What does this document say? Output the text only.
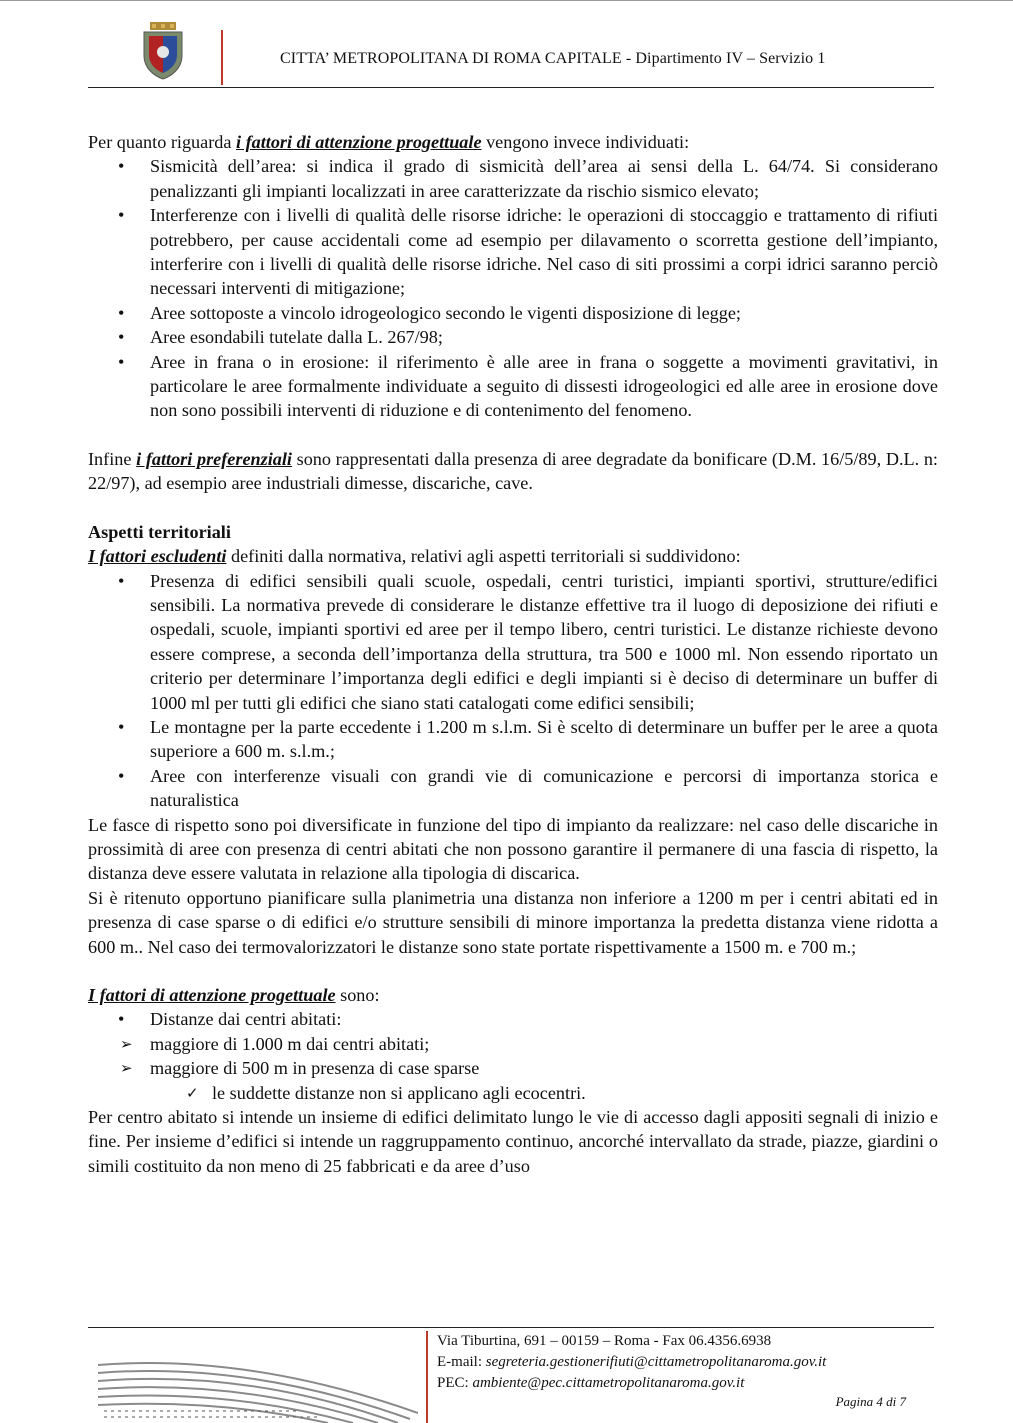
CITTA’ METROPOLITANA DI ROMA CAPITALE - Dipartimento IV – Servizio 1

Per quanto riguarda i fattori di attenzione progettuale vengono invece individuati:

• Sismicità dell’area: si indica il grado di sismicità dell’area ai sensi della L. 64/74. Si considerano penalizzanti gli impianti localizzati in aree caratterizzate da rischio sismico elevato;
• Interferenze con i livelli di qualità delle risorse idriche: le operazioni di stoccaggio e trattamento di rifiuti potrebbero, per cause accidentali come ad esempio per dilavamento o scorretta gestione dell’impianto, interferire con i livelli di qualità delle risorse idriche. Nel caso di siti prossimi a corpi idrici saranno perciò necessari interventi di mitigazione;
• Aree sottoposte a vincolo idrogeologico secondo le vigenti disposizione di legge;
• Aree esondabili tutelate dalla L. 267/98;
• Aree in frana o in erosione: il riferimento è alle aree in frana o soggette a movimenti gravitativi, in particolare le aree formalmente individuate a seguito di dissesti idrogeologici ed alle aree in erosione dove non sono possibili interventi di riduzione e di contenimento del fenomeno.

Infine i fattori preferenziali sono rappresentati dalla presenza di aree degradate da bonificare (D.M. 16/5/89, D.L. n: 22/97), ad esempio aree industriali dimesse, discariche, cave.

Aspetti territoriali

I fattori escludenti definiti dalla normativa, relativi agli aspetti territoriali si suddividono:

• Presenza di edifici sensibili quali scuole, ospedali, centri turistici, impianti sportivi, strutture/edifici sensibili. La normativa prevede di considerare le distanze effettive tra il luogo di deposizione dei rifiuti e ospedali, scuole, impianti sportivi ed aree per il tempo libero, centri turistici. Le distanze richieste devono essere comprese, a seconda dell’importanza della struttura, tra 500 e 1000 ml. Non essendo riportato un criterio per determinare l’importanza degli edifici e degli impianti si è deciso di determinare un buffer di 1000 ml per tutti gli edifici che siano stati catalogati come edifici sensibili;
• Le montagne per la parte eccedente i 1.200 m s.l.m. Si è scelto di determinare un buffer per le aree a quota superiore a 600 m. s.l.m.;
• Aree con interferenze visuali con grandi vie di comunicazione e percorsi di importanza storica e naturalistica

Le fasce di rispetto sono poi diversificate in funzione del tipo di impianto da realizzare: nel caso delle discariche in prossimità di aree con presenza di centri abitati che non possono garantire il permanere di una fascia di rispetto, la distanza deve essere valutata in relazione alla tipologia di discarica.

Si è ritenuto opportuno pianificare sulla planimetria una distanza non inferiore a 1200 m per i centri abitati ed in presenza di case sparse o di edifici e/o strutture sensibili di minore importanza la predetta distanza viene ridotta a 600 m.. Nel caso dei termovalorizzatori le distanze sono state portate rispettivamente a 1500 m. e 700 m.;

I fattori di attenzione progettuale sono:

• Distanze dai centri abitati:
➢ maggiore di 1.000 m dai centri abitati;
➢ maggiore di 500 m in presenza di case sparse
✓ le suddette distanze non si applicano agli ecocentri.

Per centro abitato si intende un insieme di edifici delimitato lungo le vie di accesso dagli appositi segnali di inizio e fine. Per insieme d’edifici si intende un raggruppamento continuo, ancorché intervallato da strade, piazze, giardini o simili costituito da non meno di 25 fabbricati e da aree d’uso

Via Tiburtina, 691 – 00159 – Roma - Fax 06.4356.6938
E-mail: segreteria.gestionerifiuti@cittametropolitanaroma.gov.it
PEC: ambiente@pec.cittametropolitanaroma.gov.it
Pagina 4 di 7
